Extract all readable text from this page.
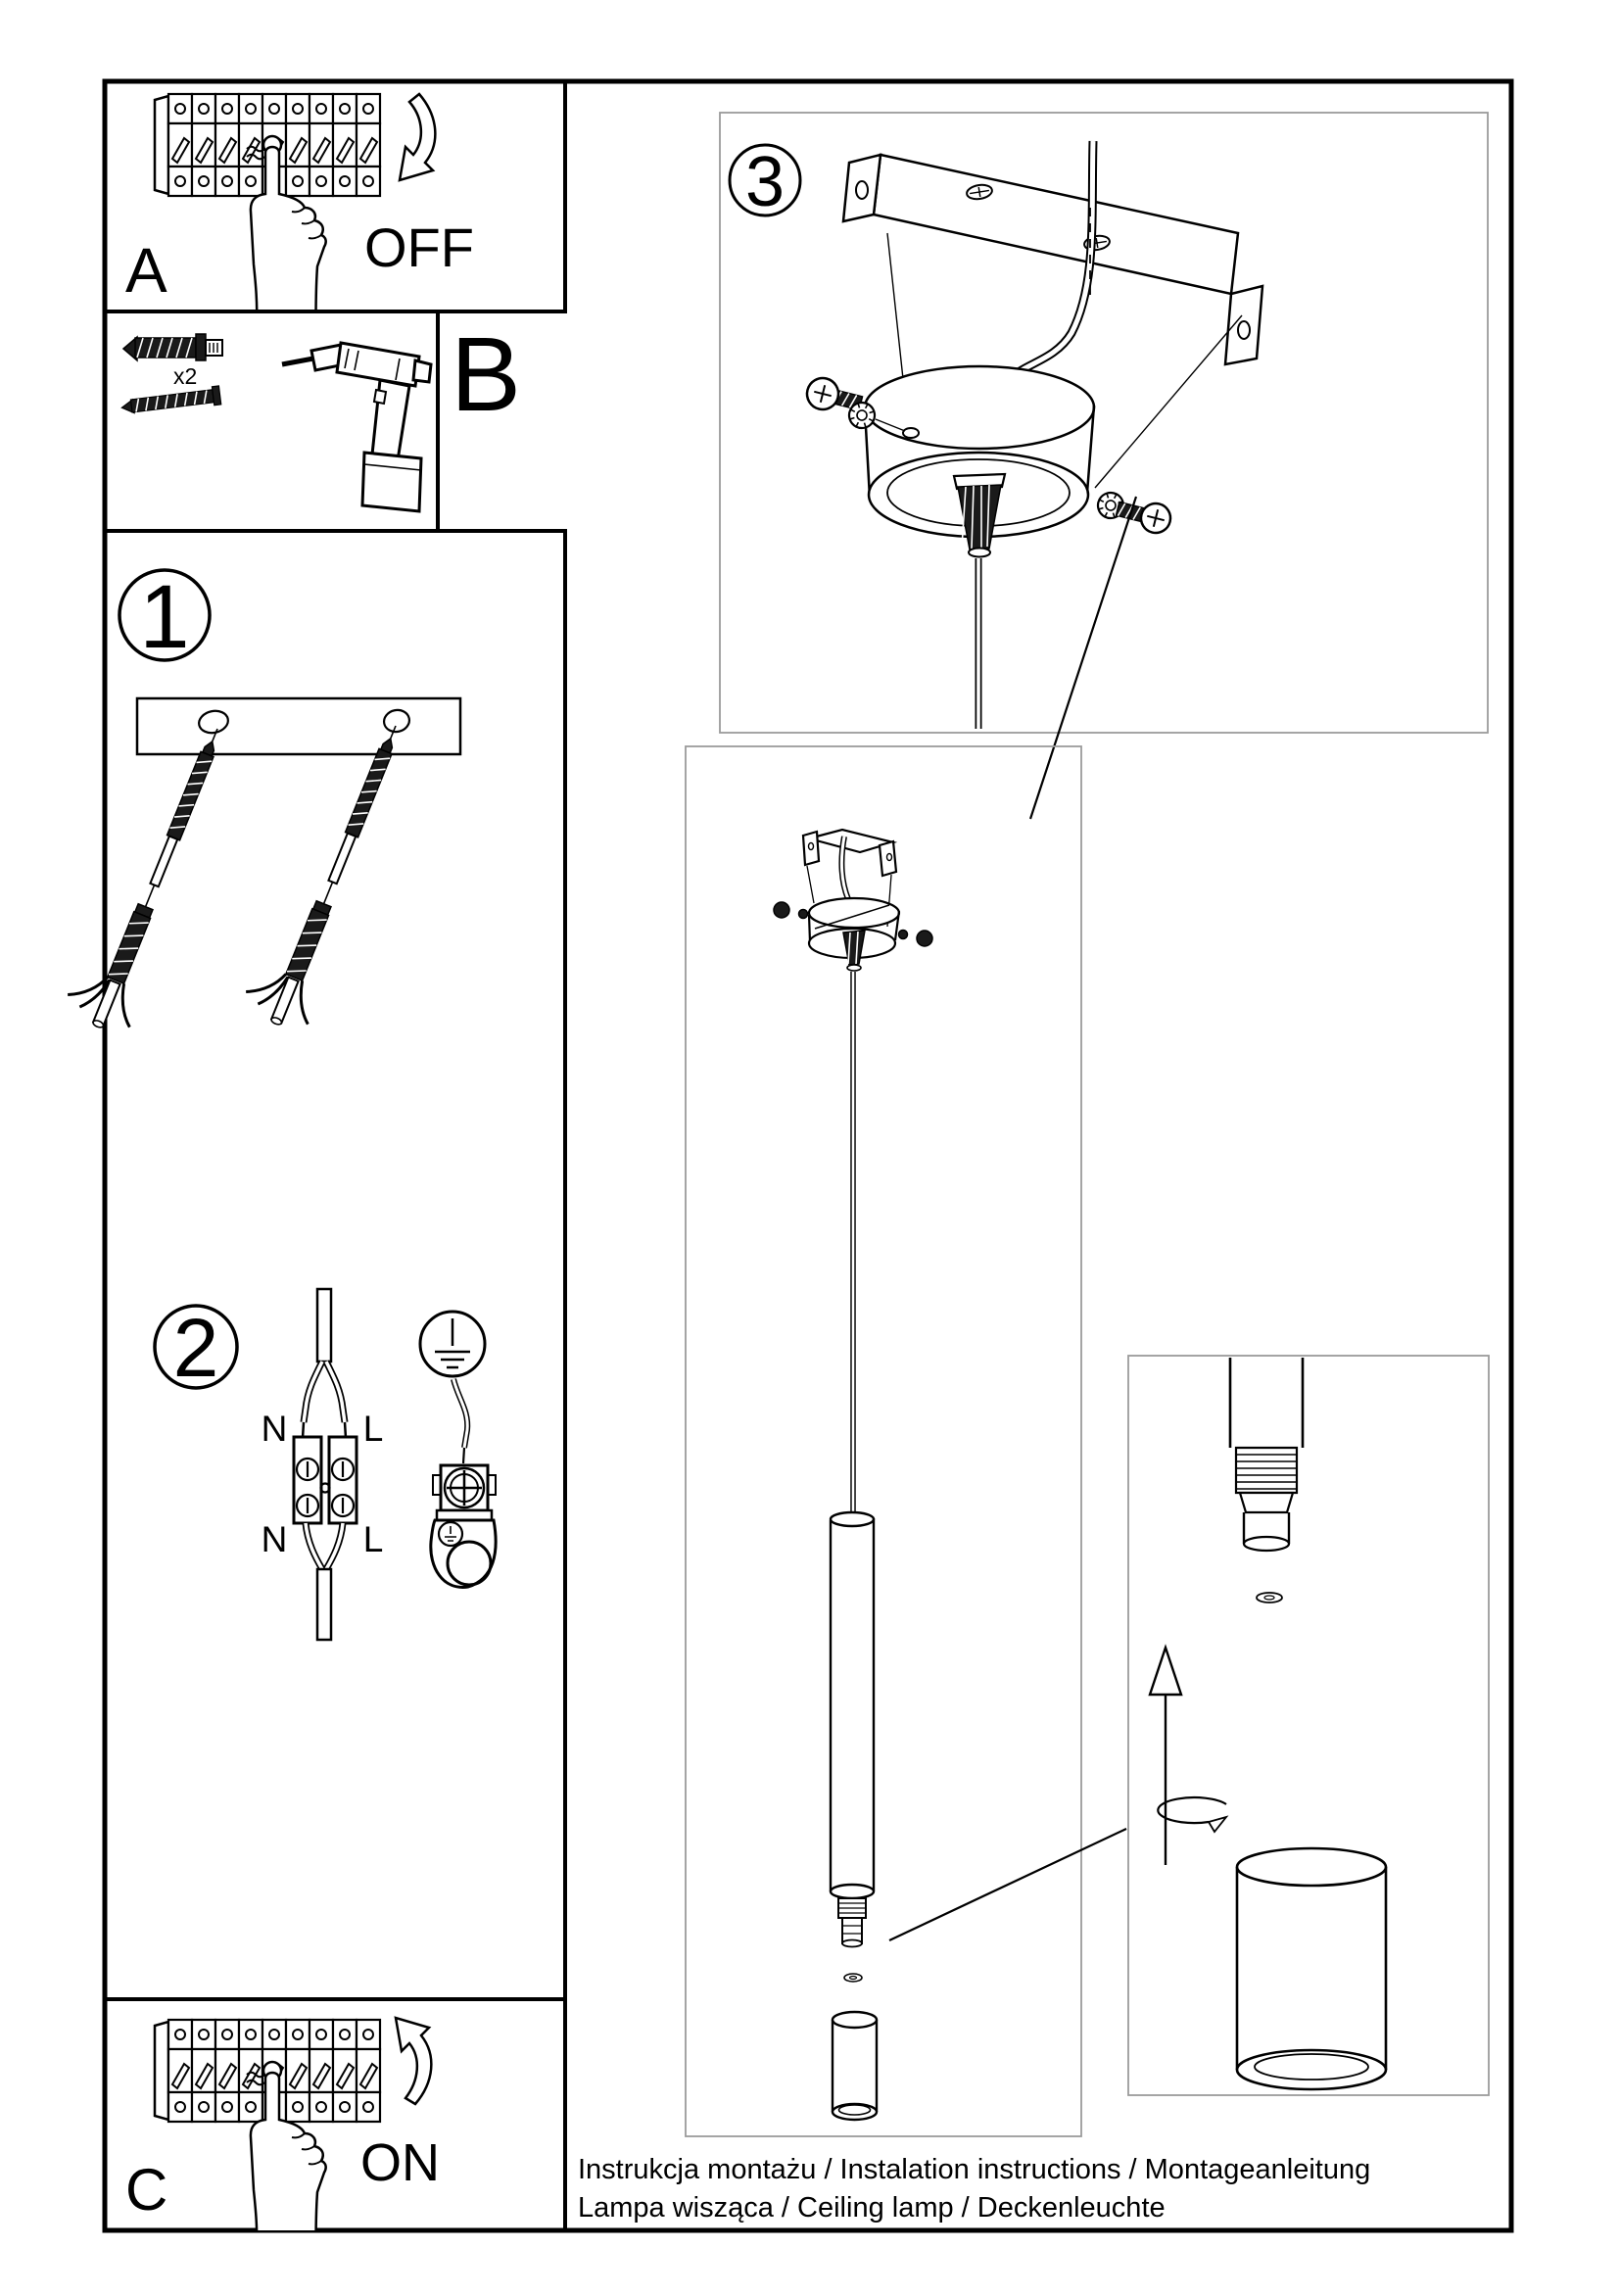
OFF
A
x2 B
1
2
N L
N L
ON
C
3
Instrukcja montażu / Instalation instructions / Montageanleitung
Lampa wisząca / Ceiling lamp / Deckenleuchte
